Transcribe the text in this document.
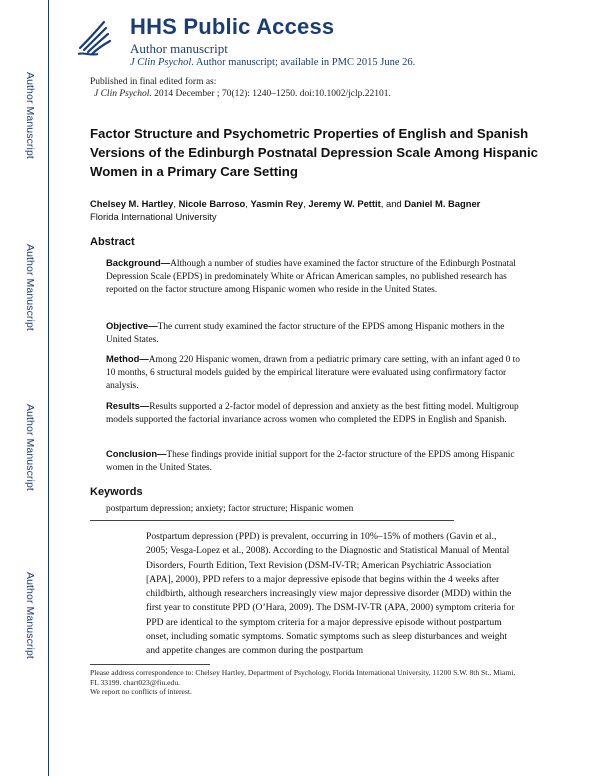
Author Manuscript
Author Manuscript
Author Manuscript
Author Manuscript
HHS Public Access
Author manuscript
J Clin Psychol. Author manuscript; available in PMC 2015 June 26.
Published in final edited form as:
J Clin Psychol. 2014 December ; 70(12): 1240–1250. doi:10.1002/jclp.22101.
Factor Structure and Psychometric Properties of English and Spanish Versions of the Edinburgh Postnatal Depression Scale Among Hispanic Women in a Primary Care Setting
Chelsey M. Hartley, Nicole Barroso, Yasmin Rey, Jeremy W. Pettit, and Daniel M. Bagner
Florida International University
Abstract
Background—Although a number of studies have examined the factor structure of the Edinburgh Postnatal Depression Scale (EPDS) in predominately White or African American samples, no published research has reported on the factor structure among Hispanic women who reside in the United States.
Objective—The current study examined the factor structure of the EPDS among Hispanic mothers in the United States.
Method—Among 220 Hispanic women, drawn from a pediatric primary care setting, with an infant aged 0 to 10 months, 6 structural models guided by the empirical literature were evaluated using confirmatory factor analysis.
Results—Results supported a 2-factor model of depression and anxiety as the best fitting model. Multigroup models supported the factorial invariance across women who completed the EDPS in English and Spanish.
Conclusion—These findings provide initial support for the 2-factor structure of the EPDS among Hispanic women in the United States.
Keywords
postpartum depression; anxiety; factor structure; Hispanic women
Postpartum depression (PPD) is prevalent, occurring in 10%–15% of mothers (Gavin et al., 2005; Vesga-Lopez et al., 2008). According to the Diagnostic and Statistical Manual of Mental Disorders, Fourth Edition, Text Revision (DSM-IV-TR; American Psychiatric Association [APA], 2000), PPD refers to a major depressive episode that begins within the 4 weeks after childbirth, although researchers increasingly view major depressive disorder (MDD) within the first year to constitute PPD (O’Hara, 2009). The DSM-IV-TR (APA, 2000) symptom criteria for PPD are identical to the symptom criteria for a major depressive episode without postpartum onset, including somatic symptoms. Somatic symptoms such as sleep disturbances and weight and appetite changes are common during the postpartum
Please address correspondence to: Chelsey Hartley, Department of Psychology, Florida International University, 11200 S.W. 8th St., Miami, FL 33199. chart023@fiu.edu.
We report no conflicts of interest.
